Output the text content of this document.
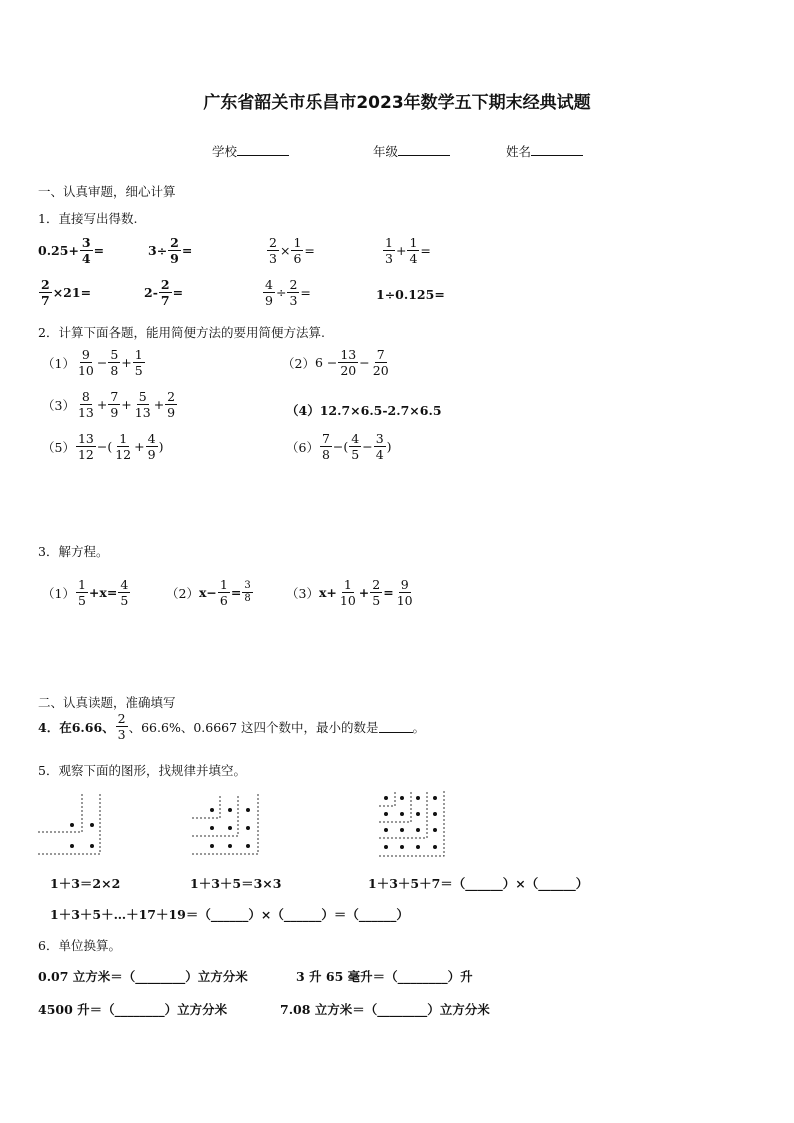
广东省韶关市乐昌市2023年数学五下期末经典试题
学校	年级	姓名
一、认真审题，细心计算
1．直接写出得数.
$0.25+ \frac{3}{4}$ =	$3\div \frac{2}{9}$ =	$\frac{2}{3} \times \frac{1}{6}$ =	$\frac{1}{3} + \frac{1}{4}$ =
$\frac{2}{7} \times 21=$	$2- \frac{2}{7}$ =	$\frac{4}{9} \div \frac{2}{3}$ =	1÷0.125=
2．计算下面各题，能用简便方法的要用简便方法算.
$(1) \frac{9}{10} - \frac{5}{8} + \frac{1}{5}$	（2） $6 - \frac{13}{20} - \frac{7}{20}$
$(3) \frac{8}{13} + \frac{7}{9} + \frac{5}{13} + \frac{2}{9}$	（4）12.7×6.5-2.7×6.5
$(5) \frac{13}{12}$ −( $\frac{1}{12} + \frac{4}{9}$ )	$(6) \frac{7}{8}$ −( $\frac{4}{5} - \frac{3}{4}$ )
3．解方程。
$(1) \frac{1}{5} +x= \frac{4}{5}$	（2） $x- \frac{1}{6} = \frac{3}{8}$	（3） $x+ \frac{1}{10} + \frac{2}{5} = \frac{9}{10}$
二、认真读题，准确填写
4．在6.66、 $\frac{2}{3}$ 、66.6%、0.6667 这四个数中，最小的数是	。
5．观察下面的图形，找规律并填空。
1＋3＝2×2	1＋3＋5＝3×3	1＋3＋5＋7＝（______）×（______）
1＋3＋5＋…＋17＋19＝（______）×（______）＝（______）
6．单位换算。
0.07 立方米＝（________）立方分米	3 升 65 毫升＝（________）升
4500 升＝（________）立方分米	7.08 立方米＝（________）立方分米
